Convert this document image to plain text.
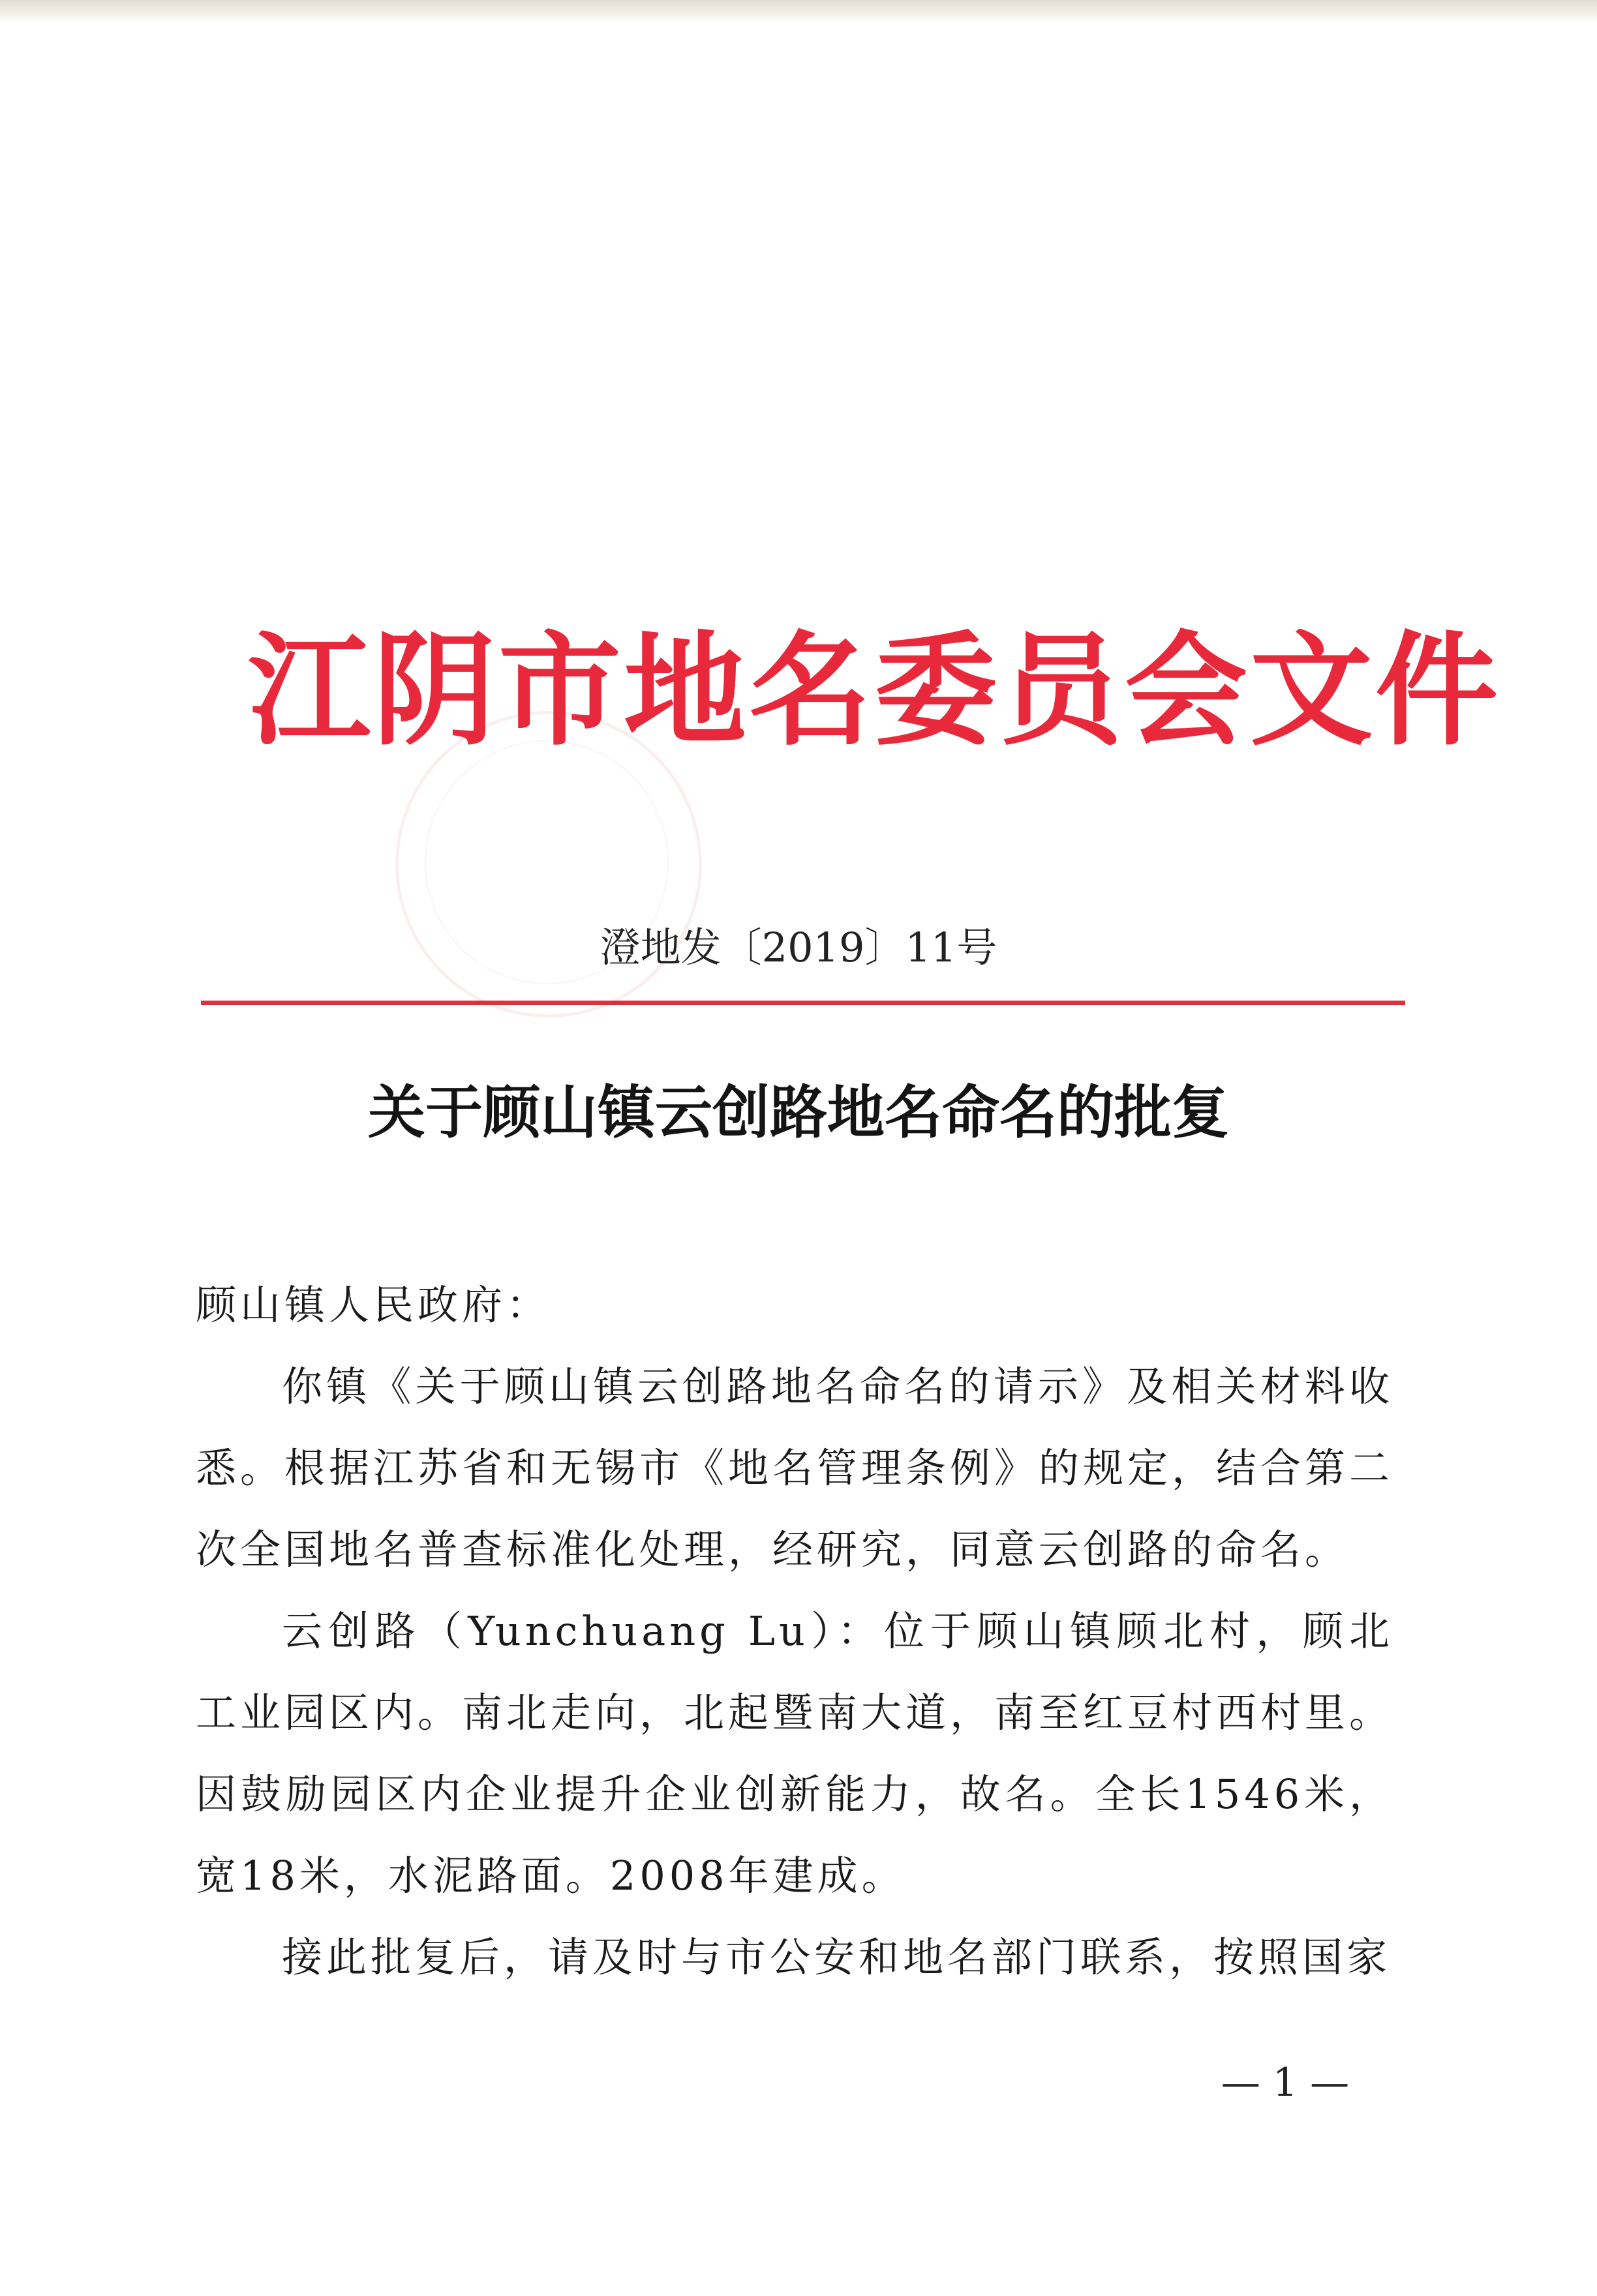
江阴市地名委员会文件
澄地发〔2019〕11号
关于顾山镇云创路地名命名的批复

顾山镇人民政府：

你镇《关于顾山镇云创路地名命名的请示》及相关材料收悉。根据江苏省和无锡市《地名管理条例》的规定，结合第二次全国地名普查标准化处理，经研究，同意云创路的命名。

云创路（Yunchuang Lu）：位于顾山镇顾北村，顾北工业园区内。南北走向，北起暨南大道，南至红豆村西村里。因鼓励园区内企业提升企业创新能力，故名。全长1546米，宽18米，水泥路面。2008年建成。

接此批复后，请及时与市公安和地名部门联系，按照国家

— 1 —
